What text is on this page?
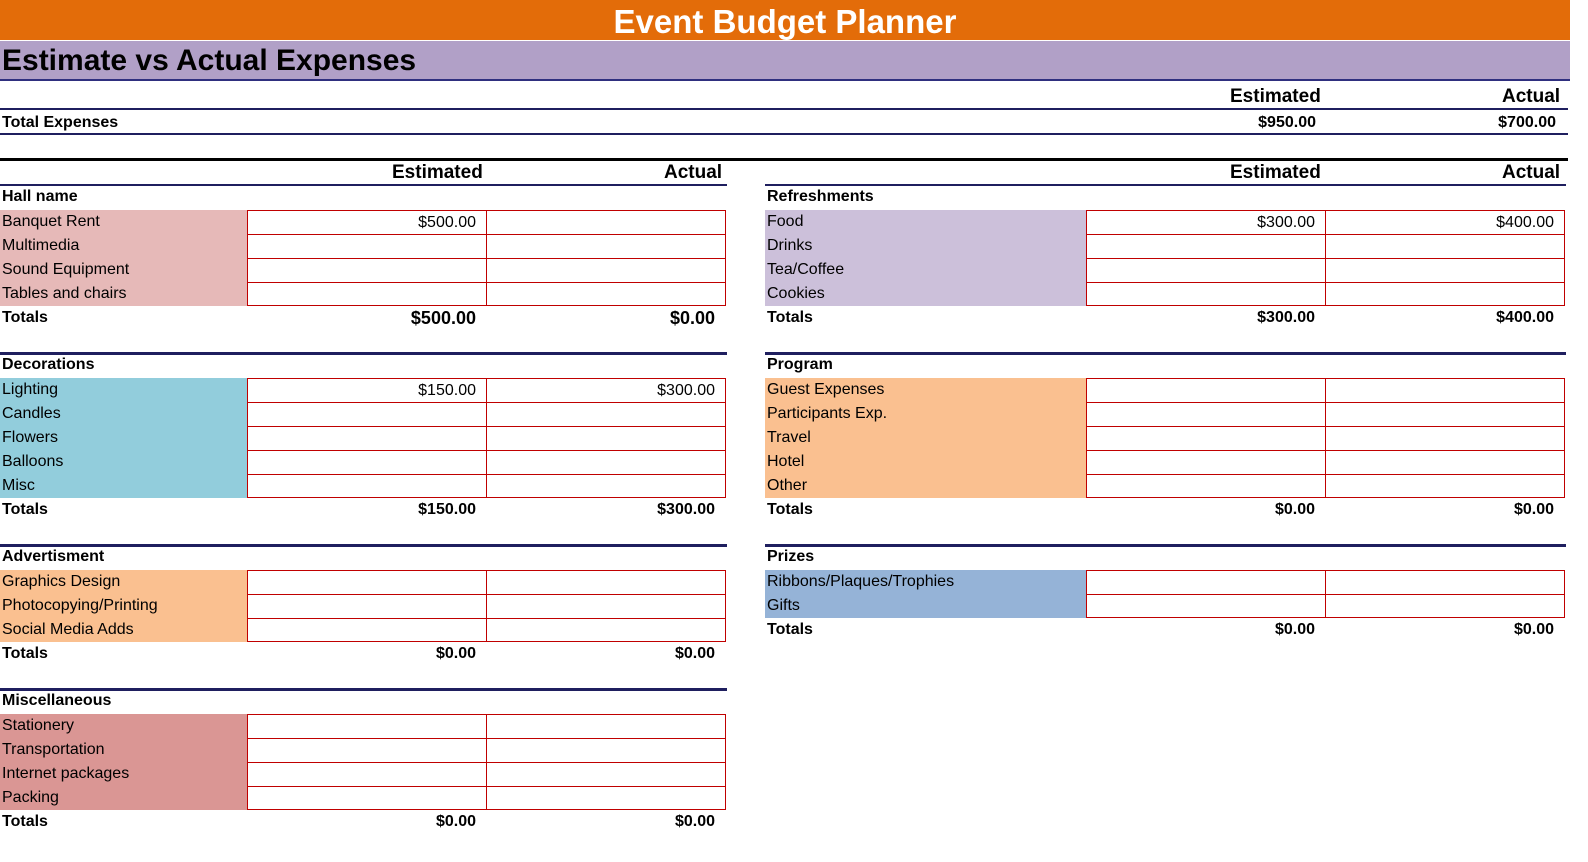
Event Budget Planner
Estimate vs Actual Expenses
Estimated	Actual
Total Expenses	$950.00	$700.00
Estimated	Actual	Estimated	Actual
Hall name
Banquet Rent	$500.00
Multimedia
Sound Equipment
Tables and chairs
Totals	$500.00	$0.00
Decorations
Lighting	$150.00	$300.00
Candles
Flowers
Balloons
Misc
Totals	$150.00	$300.00
Advertisment
Graphics Design
Photocopying/Printing
Social Media Adds
Totals	$0.00	$0.00
Miscellaneous
Stationery
Transportation
Internet packages
Packing
Totals	$0.00	$0.00
Refreshments
Food	$300.00	$400.00
Drinks
Tea/Coffee
Cookies
Totals	$300.00	$400.00
Program
Guest Expenses
Participants Exp.
Travel
Hotel
Other
Totals	$0.00	$0.00
Prizes
Ribbons/Plaques/Trophies
Gifts
Totals	$0.00	$0.00
